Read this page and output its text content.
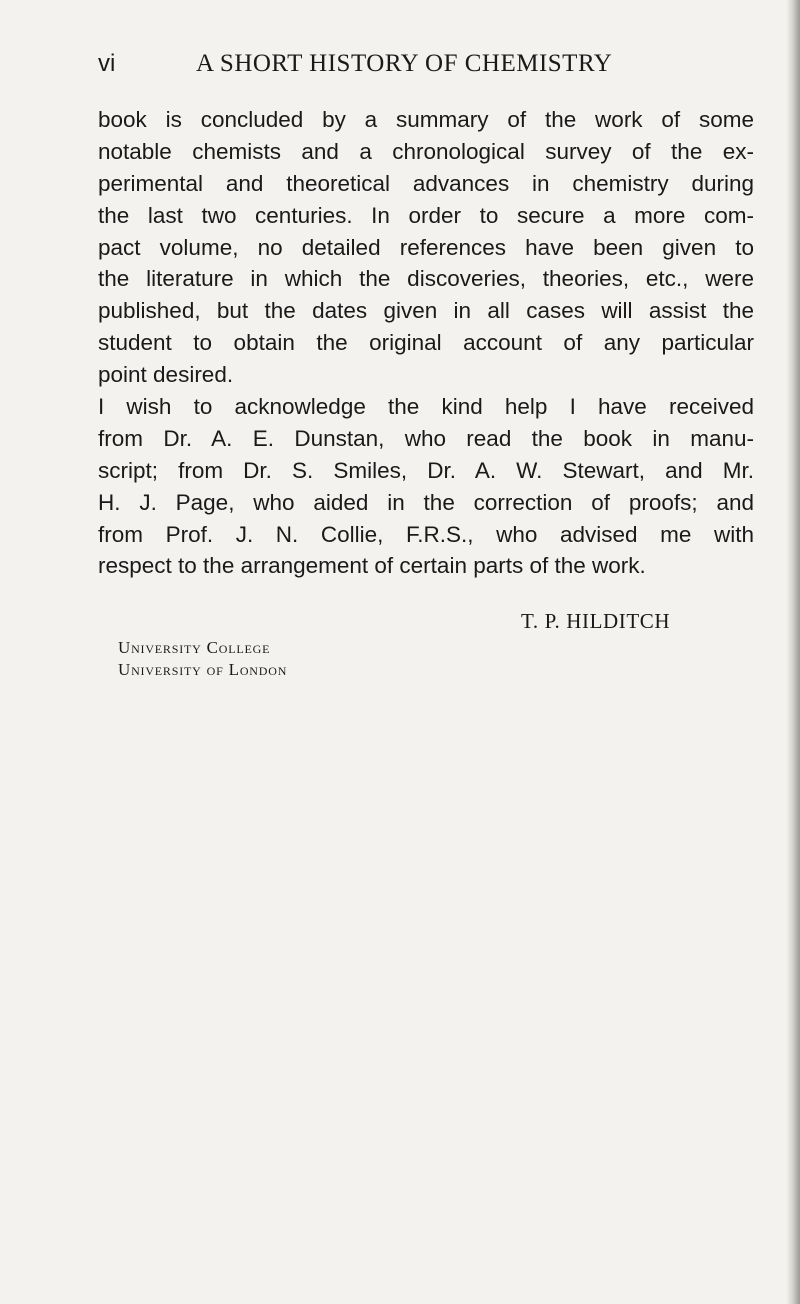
vi	A SHORT HISTORY OF CHEMISTRY
book is concluded by a summary of the work of some
notable chemists and a chronological survey of the ex-
perimental and theoretical advances in chemistry during
the last two centuries. In order to secure a more com-
pact volume, no detailed references have been given to
the literature in which the discoveries, theories, etc., were
published, but the dates given in all cases will assist the
student to obtain the original account of any particular
point desired.
I wish to acknowledge the kind help I have received
from Dr. A. E. Dunstan, who read the book in manu-
script; from Dr. S. Smiles, Dr. A. W. Stewart, and Mr.
H. J. Page, who aided in the correction of proofs; and
from Prof. J. N. Collie, F.R.S., who advised me with
respect to the arrangement of certain parts of the work.
T. P. HILDITCH
University College
University of London
